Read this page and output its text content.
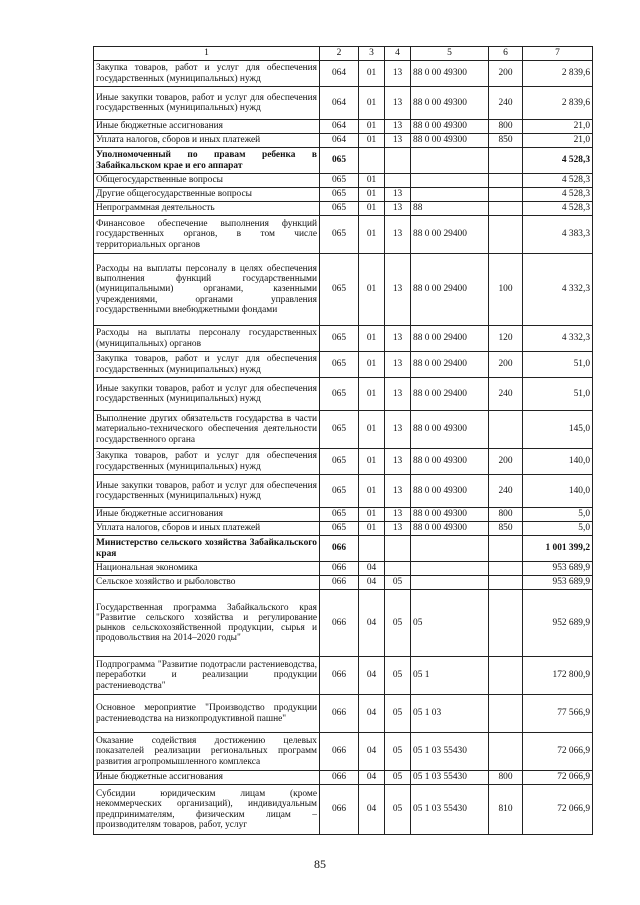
1	2	3	4	5	6	7
Закупка товаров, работ и услуг для обеспечения государственных (муниципальных) нужд	064	01	13	88 0 00 49300	200	2 839,6
Иные закупки товаров, работ и услуг для обеспечения государственных (муниципальных) нужд	064	01	13	88 0 00 49300	240	2 839,6
Иные бюджетные ассигнования	064	01	13	88 0 00 49300	800	21,0
Уплата налогов, сборов и иных платежей	064	01	13	88 0 00 49300	850	21,0
Уполномоченный по правам ребенка в Забайкальском крае и его аппарат	065					4 528,3
Общегосударственные вопросы	065	01				4 528,3
Другие общегосударственные вопросы	065	01	13			4 528,3
Непрограммная деятельность	065	01	13	88		4 528,3
Финансовое обеспечение выполнения функций государственных органов, в том числе территориальных органов	065	01	13	88 0 00 29400		4 383,3
Расходы на выплаты персоналу в целях обеспечения выполнения функций государственными (муниципальными) органами, казенными учреждениями, органами управления государственными внебюджетными фондами	065	01	13	88 0 00 29400	100	4 332,3
Расходы на выплаты персоналу государственных (муниципальных) органов	065	01	13	88 0 00 29400	120	4 332,3
Закупка товаров, работ и услуг для обеспечения государственных (муниципальных) нужд	065	01	13	88 0 00 29400	200	51,0
Иные закупки товаров, работ и услуг для обеспечения государственных (муниципальных) нужд	065	01	13	88 0 00 29400	240	51,0
Выполнение других обязательств государства в части материально-технического обеспечения деятельности государственного органа	065	01	13	88 0 00 49300		145,0
Закупка товаров, работ и услуг для обеспечения государственных (муниципальных) нужд	065	01	13	88 0 00 49300	200	140,0
Иные закупки товаров, работ и услуг для обеспечения государственных (муниципальных) нужд	065	01	13	88 0 00 49300	240	140,0
Иные бюджетные ассигнования	065	01	13	88 0 00 49300	800	5,0
Уплата налогов, сборов и иных платежей	065	01	13	88 0 00 49300	850	5,0
Министерство сельского хозяйства Забайкальского края	066					1 001 399,2
Национальная экономика	066	04				953 689,9
Сельское хозяйство и рыболовство	066	04	05			953 689,9
Государственная программа Забайкальского края "Развитие сельского хозяйства и регулирование рынков сельскохозяйственной продукции, сырья и продовольствия на 2014–2020 годы"	066	04	05	05		952 689,9
Подпрограмма "Развитие подотрасли растениеводства, переработки и реализации продукции растениеводства"	066	04	05	05 1		172 800,9
Основное мероприятие "Производство продукции растениеводства на низкопродуктивной пашне"	066	04	05	05 1 03		77 566,9
Оказание содействия достижению целевых показателей реализации региональных программ развития агропромышленного комплекса	066	04	05	05 1 03 55430		72 066,9
Иные бюджетные ассигнования	066	04	05	05 1 03 55430	800	72 066,9
Субсидии юридическим лицам (кроме некоммерческих организаций), индивидуальным предпринимателям, физическим лицам – производителям товаров, работ, услуг	066	04	05	05 1 03 55430	810	72 066,9
85
